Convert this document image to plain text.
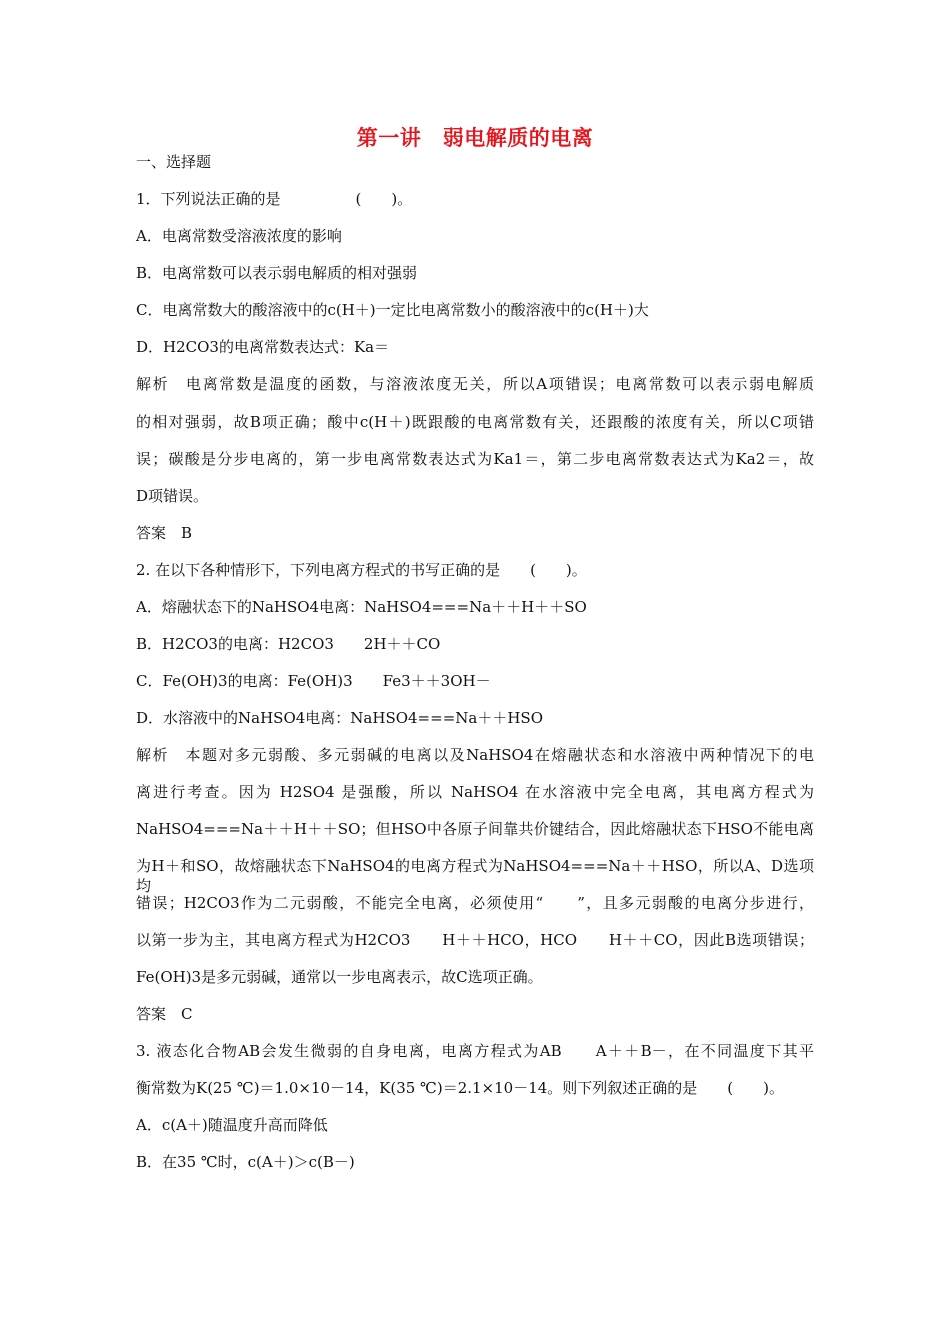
第一讲　弱电解质的电离
一、选择题
1．下列说法正确的是　　　　　(　　)。
A．电离常数受溶液浓度的影响
B．电离常数可以表示弱电解质的相对强弱
C．电离常数大的酸溶液中的c(H＋)一定比电离常数小的酸溶液中的c(H＋)大
D．H2CO3的电离常数表达式：Ka＝
解析　电离常数是温度的函数，与溶液浓度无关，所以A项错误；电离常数可以表示弱电解质
的相对强弱，故B项正确；酸中c(H＋)既跟酸的电离常数有关，还跟酸的浓度有关，所以C项错
误；碳酸是分步电离的，第一步电离常数表达式为Ka1＝，第二步电离常数表达式为Ka2＝，故
D项错误。
答案　B
2. 在以下各种情形下，下列电离方程式的书写正确的是　　(　　)。
A．熔融状态下的NaHSO4电离：NaHSO4===Na＋＋H＋＋SO
B．H2CO3的电离：H2CO3　　2H＋＋CO
C．Fe(OH)3的电离：Fe(OH)3　　Fe3＋＋3OH－
D．水溶液中的NaHSO4电离：NaHSO4===Na＋＋HSO
解析　本题对多元弱酸、多元弱碱的电离以及NaHSO4在熔融状态和水溶液中两种情况下的电
离进行考查。因为 H2SO4 是强酸，所以 NaHSO4 在水溶液中完全电离，其电离方程式为
NaHSO4===Na＋＋H＋＋SO；但HSO中各原子间靠共价键结合，因此熔融状态下HSO不能电离
为H＋和SO，故熔融状态下NaHSO4的电离方程式为NaHSO4===Na＋＋HSO，所以A、D选项均
错误；H2CO3作为二元弱酸，不能完全电离，必须使用“　　”，且多元弱酸的电离分步进行，
以第一步为主，其电离方程式为H2CO3　　H＋＋HCO，HCO　　H＋＋CO，因此B选项错误；
Fe(OH)3是多元弱碱，通常以一步电离表示，故C选项正确。
答案　C
3. 液态化合物AB会发生微弱的自身电离，电离方程式为AB　　A＋＋B－，在不同温度下其平
衡常数为K(25 ℃)＝1.0×10－14，K(35 ℃)＝2.1×10－14。则下列叙述正确的是　　(　　)。
A．c(A＋)随温度升高而降低
B．在35 ℃时，c(A＋)＞c(B－)
